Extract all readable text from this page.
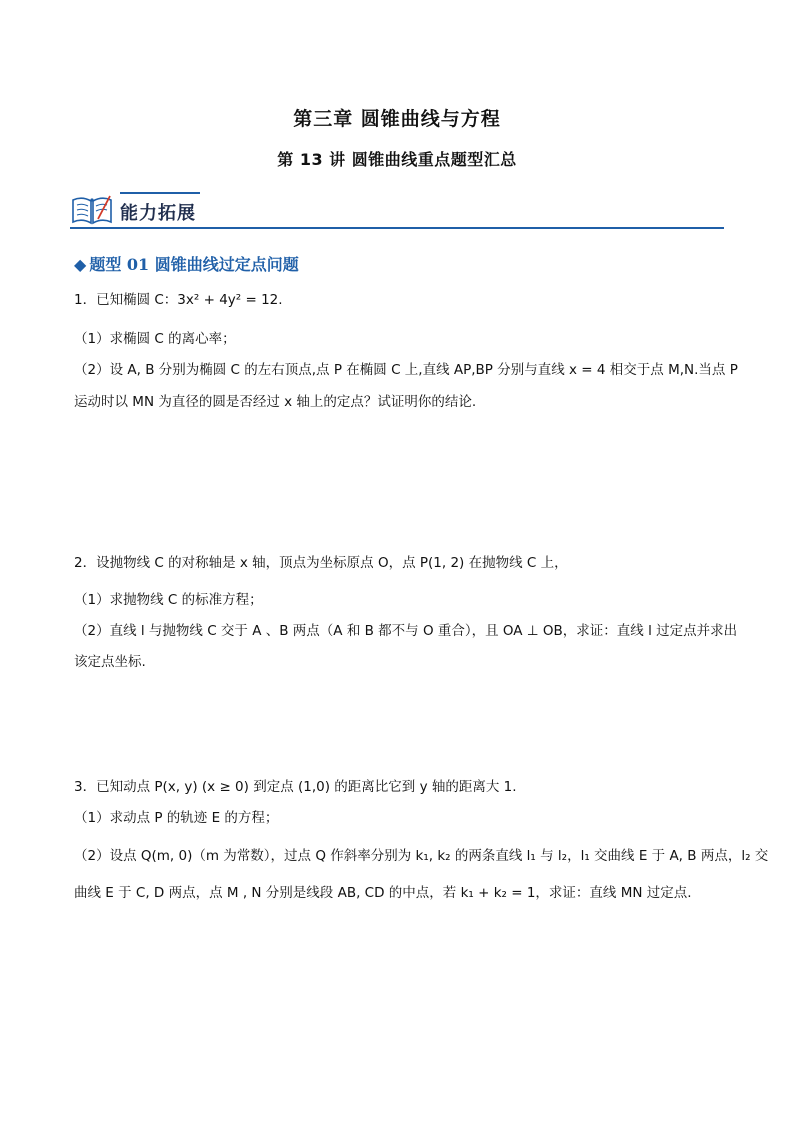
第三章 圆锥曲线与方程
第 13 讲 圆锥曲线重点题型汇总
能力拓展
◆ 题型 01 圆锥曲线过定点问题
1．已知椭圆 C：3x² + 4y² = 12.
（1）求椭圆 C 的离心率；
（2）设 A, B 分别为椭圆 C 的左右顶点,点 P 在椭圆 C 上,直线 AP,BP 分别与直线 x = 4 相交于点 M,N.当点 P
运动时以 MN 为直径的圆是否经过 x 轴上的定点？试证明你的结论.
2．设抛物线 C 的对称轴是 x 轴，顶点为坐标原点 O，点 P(1, 2) 在抛物线 C 上，
（1）求抛物线 C 的标准方程；
（2）直线 l 与抛物线 C 交于 A 、B 两点（A 和 B 都不与 O 重合），且 OA ⊥ OB，求证：直线 l 过定点并求出
该定点坐标.
3．已知动点 P(x, y) (x ≥ 0) 到定点 (1,0) 的距离比它到 y 轴的距离大 1.
（1）求动点 P 的轨迹 E 的方程；
（2）设点 Q(m, 0)（m 为常数），过点 Q 作斜率分别为 k₁, k₂ 的两条直线 l₁ 与 l₂，l₁ 交曲线 E 于 A, B 两点，l₂ 交
曲线 E 于 C, D 两点，点 M , N 分别是线段 AB, CD 的中点，若 k₁ + k₂ = 1，求证：直线 MN 过定点.
